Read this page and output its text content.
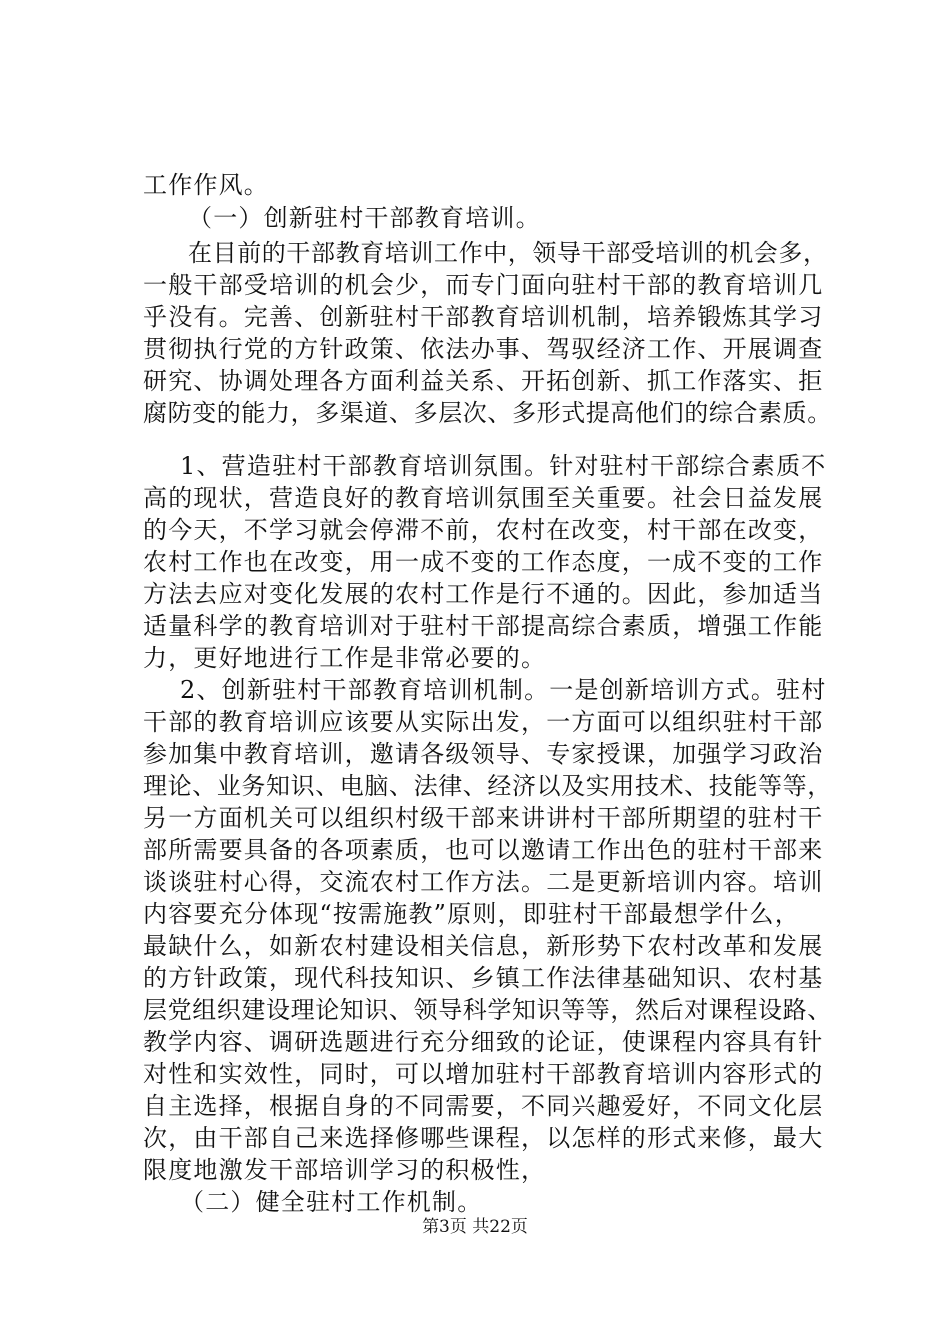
工作作风。
（一）创新驻村干部教育培训。
在目前的干部教育培训工作中，领导干部受培训的机会多，
一般干部受培训的机会少，而专门面向驻村干部的教育培训几
乎没有。完善、创新驻村干部教育培训机制，培养锻炼其学习
贯彻执行党的方针政策、依法办事、驾驭经济工作、开展调查
研究、协调处理各方面利益关系、开拓创新、抓工作落实、拒
腐防变的能力，多渠道、多层次、多形式提高他们的综合素质。
1、营造驻村干部教育培训氛围。针对驻村干部综合素质不
高的现状，营造良好的教育培训氛围至关重要。社会日益发展
的今天，不学习就会停滞不前，农村在改变，村干部在改变，
农村工作也在改变，用一成不变的工作态度，一成不变的工作
方法去应对变化发展的农村工作是行不通的。因此，参加适当
适量科学的教育培训对于驻村干部提高综合素质，增强工作能
力，更好地进行工作是非常必要的。
2、创新驻村干部教育培训机制。一是创新培训方式。驻村
干部的教育培训应该要从实际出发，一方面可以组织驻村干部
参加集中教育培训，邀请各级领导、专家授课，加强学习政治
理论、业务知识、电脑、法律、经济以及实用技术、技能等等，
另一方面机关可以组织村级干部来讲讲村干部所期望的驻村干
部所需要具备的各项素质，也可以邀请工作出色的驻村干部来
谈谈驻村心得，交流农村工作方法。二是更新培训内容。培训
内容要充分体现“按需施教”原则，即驻村干部最想学什么，
最缺什么，如新农村建设相关信息，新形势下农村改革和发展
的方针政策，现代科技知识、乡镇工作法律基础知识、农村基
层党组织建设理论知识、领导科学知识等等，然后对课程设路、
教学内容、调研选题进行充分细致的论证，使课程内容具有针
对性和实效性，同时，可以增加驻村干部教育培训内容形式的
自主选择，根据自身的不同需要，不同兴趣爱好，不同文化层
次，由干部自己来选择修哪些课程，以怎样的形式来修，最大
限度地激发干部培训学习的积极性，
（二）健全驻村工作机制。
第3页 共22页
